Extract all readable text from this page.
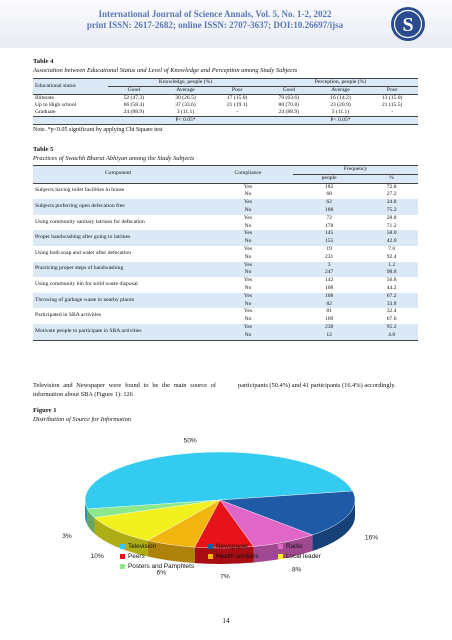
International Journal of Science Annals, Vol. 5, No. 1-2, 2022
print ISSN: 2617-2682; online ISSN: 2707-3637; DOI:10.26697/ijsa	S
Table 4
Association between Educational Status and Level of Knowledge and Perception among Study Subjects
Educational status	Knowledge, people (%)			Perception, people (%)		
	Good	Average	Poor	Good	Average	Poor
Illiterate	52 (47.3)	30 (26.5)	17 (15.0)	70 (63.6)	16 (14.2)	13 (15.0)
Up to High school	66 (58.4)	37 (33.6)	21 (19.1)	80 (70.8)	23 (20.9)	21 (15.5)
Graduate	24 (88.9)	3 (11.1)	-	24 (88.9)	3 (11.1)	-
	P< 0.05*			P< 0.05*		
Note. *p<0.05 significant by applying Chi Square test
Table 5
Practices of Swachh Bharat Abhiyan among the Study Subjects
Component	Compliance	Frequency	
		people	%
Subjects having toilet facilities in house	Yes	182	72.8
	No	68	27.2
Subjects preferring open defecation free	Yes	62	24.8
	No	188	75.2
Using community sanitary latrines for defecation	Yes	72	28.8
	No	178	71.2
Proper handwashing after going to latrines	Yes	145	58.0
	No	155	42.0
Using both soap and water after defecation	Yes	19	7.6
	No	231	92.4
Practicing proper steps of handwashing	Yes	3	1.2
	No	247	98.8
Using community bin for solid waste disposal	Yes	142	56.8
	No	108	44.2
Throwing of garbage waste in nearby places	Yes	168	67.2
	No	82	33.8
Participated in SBA activities	Yes	81	32.4
	No	169	67.6
Motivate people to participate in SBA activities	Yes	238	95.2
	No	12	4.8
Television and Newspaper were found to be the main source of information about SBA (Figure 1): 126
participants (50.4%) and 41 participants (16.4%) accordingly.
Figure 1
Distribution of Source for Information
50%
16%
8%
7%
6%
10%
3%
Television	Newspaper	Radio
Peers	Health workers	Local leader
Posters and Pamphlets
14
